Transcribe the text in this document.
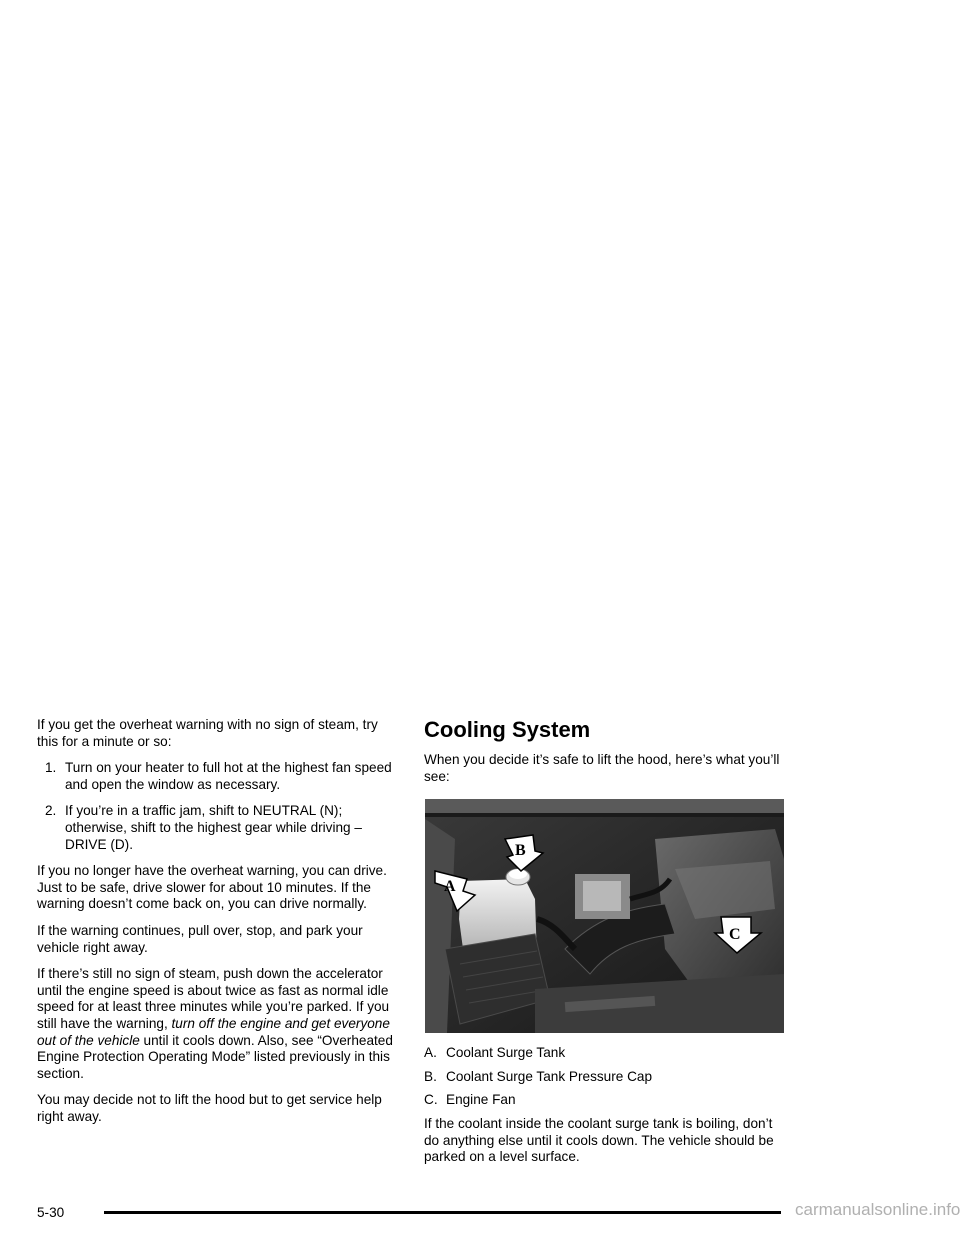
If you get the overheat warning with no sign of steam, try this for a minute or so:

1. Turn on your heater to full hot at the highest fan speed and open the window as necessary.
2. If you’re in a traffic jam, shift to NEUTRAL (N); otherwise, shift to the highest gear while driving – DRIVE (D).

If you no longer have the overheat warning, you can drive. Just to be safe, drive slower for about 10 minutes. If the warning doesn’t come back on, you can drive normally.

If the warning continues, pull over, stop, and park your vehicle right away.

If there’s still no sign of steam, push down the accelerator until the engine speed is about twice as fast as normal idle speed for at least three minutes while you’re parked. If you still have the warning, turn off the engine and get everyone out of the vehicle until it cools down. Also, see “Overheated Engine Protection Operating Mode” listed previously in this section.

You may decide not to lift the hood but to get service help right away.

Cooling System

When you decide it’s safe to lift the hood, here’s what you’ll see:

A
B
C

A. Coolant Surge Tank

B. Coolant Surge Tank Pressure Cap

C. Engine Fan

If the coolant inside the coolant surge tank is boiling, don’t do anything else until it cools down. The vehicle should be parked on a level surface.

5-30	carmanualsonline.info
